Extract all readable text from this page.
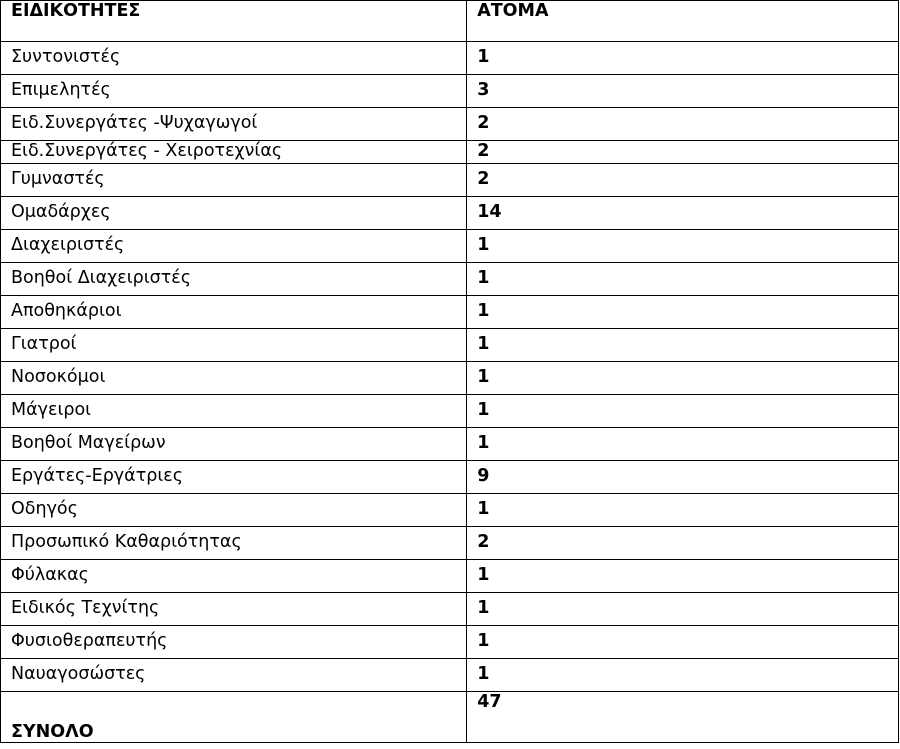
ΕΙΔΙΚΟΤΗΤΕΣ	ΑΤΟΜΑ
Συντονιστές	1
Επιμελητές	3
Ειδ.Συνεργάτες -Ψυχαγωγοί	2
Ειδ.Συνεργάτες - Χειροτεχνίας	2
Γυμναστές	2
Ομαδάρχες	14
Διαχειριστές	1
Βοηθοί Διαχειριστές	1
Αποθηκάριοι	1
Γιατροί	1
Νοσοκόμοι	1
Μάγειροι	1
Βοηθοί Μαγείρων	1
Εργάτες-Εργάτριες	9
Οδηγός	1
Προσωπικό Καθαριότητας	2
Φύλακας	1
Ειδικός Τεχνίτης	1
Φυσιοθεραπευτής	1
Ναυαγοσώστες	1
ΣΥΝΟΛΟ	47
